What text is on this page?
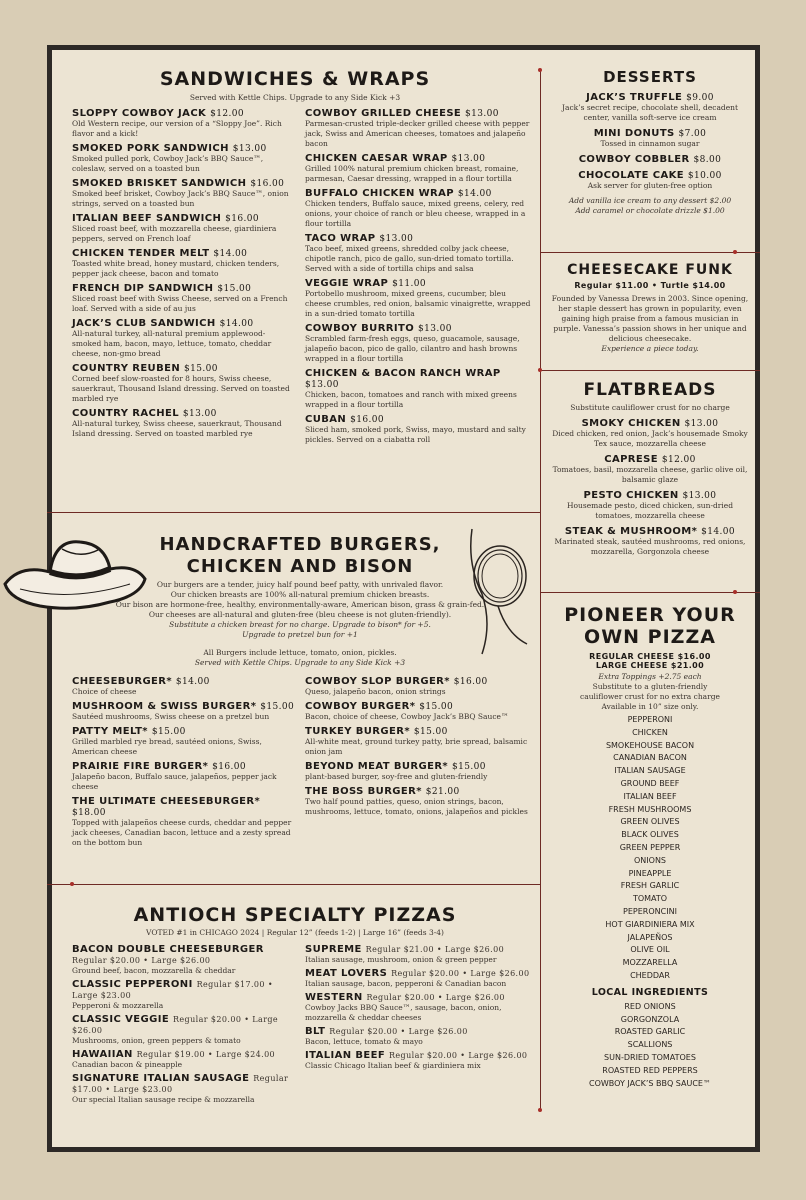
SANDWICHES & WRAPS
Served with Kettle Chips. Upgrade to any Side Kick +3
SLOPPY COWBOY JACK $12.00
Old Western recipe, our version of a “Sloppy Joe”. Rich flavor and a kick!
SMOKED PORK SANDWICH $13.00
Smoked pulled pork, Cowboy Jack’s BBQ Sauce™, coleslaw, served on a toasted bun
SMOKED BRISKET SANDWICH $16.00
Smoked beef brisket, Cowboy Jack’s BBQ Sauce™, onion strings, served on a toasted bun
ITALIAN BEEF SANDWICH $16.00
Sliced roast beef, with mozzarella cheese, giardiniera peppers, served on French loaf
CHICKEN TENDER MELT $14.00
Toasted white bread, honey mustard, chicken tenders, pepper jack cheese, bacon and tomato
FRENCH DIP SANDWICH $15.00
Sliced roast beef with Swiss Cheese, served on a French loaf. Served with a side of au jus
JACK’S CLUB SANDWICH $14.00
All-natural turkey, all-natural premium applewood-smoked ham, bacon, mayo, lettuce, tomato, cheddar cheese, non-gmo bread
COUNTRY REUBEN $15.00
Corned beef slow-roasted for 8 hours, Swiss cheese, sauerkraut, Thousand Island dressing. Served on toasted marbled rye
COUNTRY RACHEL $13.00
All-natural turkey, Swiss cheese, sauerkraut, Thousand Island dressing. Served on toasted marbled rye
COWBOY GRILLED CHEESE $13.00
Parmesan-crusted triple-decker grilled cheese with pepper jack, Swiss and American cheeses, tomatoes and jalapeño bacon
CHICKEN CAESAR WRAP $13.00
Grilled 100% natural premium chicken breast, romaine, parmesan, Caesar dressing, wrapped in a flour tortilla
BUFFALO CHICKEN WRAP $14.00
Chicken tenders, Buffalo sauce, mixed greens, celery, red onions, your choice of ranch or bleu cheese, wrapped in a flour tortilla
TACO WRAP $13.00
Taco beef, mixed greens, shredded colby jack cheese, chipotle ranch, pico de gallo, sun-dried tomato tortilla. Served with a side of tortilla chips and salsa
VEGGIE WRAP $11.00
Portobello mushroom, mixed greens, cucumber, bleu cheese crumbles, red onion, balsamic vinaigrette, wrapped in a sun-dried tomato tortilla
COWBOY BURRITO $13.00
Scrambled farm-fresh eggs, queso, guacamole, sausage, jalapeño bacon, pico de gallo, cilantro and hash browns wrapped in a flour tortilla
CHICKEN & BACON RANCH WRAP $13.00
Chicken, bacon, tomatoes and ranch with mixed greens wrapped in a flour tortilla
CUBAN $16.00
Sliced ham, smoked pork, Swiss, mayo, mustard and salty pickles. Served on a ciabatta roll
HANDCRAFTED BURGERS,
CHICKEN AND BISON
Our burgers are a tender, juicy half pound beef patty, with unrivaled flavor.
Our chicken breasts are 100% all-natural premium chicken breasts.
Our bison are hormone-free, healthy, environmentally-aware, American bison, grass & grain-fed.
Our cheeses are all-natural and gluten-free (bleu cheese is not gluten-friendly).
Substitute a chicken breast for no charge. Upgrade to bison* for +5.
Upgrade to pretzel bun for +1
All Burgers include lettuce, tomato, onion, pickles.
Served with Kettle Chips. Upgrade to any Side Kick +3
CHEESEBURGER* $14.00
Choice of cheese
MUSHROOM & SWISS BURGER* $15.00
Sautéed mushrooms, Swiss cheese on a pretzel bun
PATTY MELT* $15.00
Grilled marbled rye bread, sautéed onions, Swiss, American cheese
PRAIRIE FIRE BURGER* $16.00
Jalapeño bacon, Buffalo sauce, jalapeños, pepper jack cheese
THE ULTIMATE CHEESEBURGER* $18.00
Topped with jalapeños cheese curds, cheddar and pepper jack cheeses, Canadian bacon, lettuce and a zesty spread on the bottom bun
COWBOY SLOP BURGER* $16.00
Queso, jalapeño bacon, onion strings
COWBOY BURGER* $15.00
Bacon, choice of cheese, Cowboy Jack’s BBQ Sauce™
TURKEY BURGER* $15.00
All-white meat, ground turkey patty, brie spread, balsamic onion jam
BEYOND MEAT BURGER* $15.00
plant-based burger, soy-free and gluten-friendly
THE BOSS BURGER* $21.00
Two half pound patties, queso, onion strings, bacon, mushrooms, lettuce, tomato, onions, jalapeños and pickles
ANTIOCH SPECIALTY PIZZAS
VOTED #1 in CHICAGO 2024 | Regular 12” (feeds 1-2) | Large 16” (feeds 3-4)
BACON DOUBLE CHEESEBURGER Regular $20.00 • Large $26.00
Ground beef, bacon, mozzarella & cheddar
CLASSIC PEPPERONI Regular $17.00 • Large $23.00
Pepperoni & mozzarella
CLASSIC VEGGIE Regular $20.00 • Large $26.00
Mushrooms, onion, green peppers & tomato
HAWAIIAN Regular $19.00 • Large $24.00
Canadian bacon & pineapple
SIGNATURE ITALIAN SAUSAGE Regular $17.00 • Large $23.00
Our special Italian sausage recipe & mozzarella
SUPREME Regular $21.00 • Large $26.00
Italian sausage, mushroom, onion & green pepper
MEAT LOVERS Regular $20.00 • Large $26.00
Italian sausage, bacon, pepperoni & Canadian bacon
WESTERN Regular $20.00 • Large $26.00
Cowboy Jacks BBQ Sauce™, sausage, bacon, onion, mozzarella & cheddar cheeses
BLT Regular $20.00 • Large $26.00
Bacon, lettuce, tomato & mayo
ITALIAN BEEF Regular $20.00 • Large $26.00
Classic Chicago Italian beef & giardiniera mix
DESSERTS
JACK’S TRUFFLE $9.00
Jack’s secret recipe, chocolate shell, decadent center, vanilla soft-serve ice cream
MINI DONUTS $7.00
Tossed in cinnamon sugar
COWBOY COBBLER $8.00
CHOCOLATE CAKE $10.00
Ask server for gluten-free option
Add vanilla ice cream to any dessert $2.00
Add caramel or chocolate drizzle $1.00
CHEESECAKE FUNK
Regular $11.00 • Turtle $14.00
Founded by Vanessa Drews in 2003. Since opening, her staple dessert has grown in popularity, even gaining high praise from a famous musician in purple. Vanessa’s passion shows in her unique and delicious cheesecake.
Experience a piece today.
FLATBREADS
Substitute cauliflower crust for no charge
SMOKY CHICKEN $13.00
Diced chicken, red onion, Jack’s housemade Smoky Tex sauce, mozzarella cheese
CAPRESE $12.00
Tomatoes, basil, mozzarella cheese, garlic olive oil, balsamic glaze
PESTO CHICKEN $13.00
Housemade pesto, diced chicken, sun-dried tomatoes, mozzarella cheese
STEAK & MUSHROOM* $14.00
Marinated steak, sautéed mushrooms, red onions, mozzarella, Gorgonzola cheese
PIONEER YOUR
OWN PIZZA
REGULAR CHEESE $16.00
LARGE CHEESE $21.00
Extra Toppings +2.75 each
Substitute to a gluten-friendly
cauliflower crust for no extra charge
Available in 10” size only.
PEPPERONI
CHICKEN
SMOKEHOUSE BACON
CANADIAN BACON
ITALIAN SAUSAGE
GROUND BEEF
ITALIAN BEEF
FRESH MUSHROOMS
GREEN OLIVES
BLACK OLIVES
GREEN PEPPER
ONIONS
PINEAPPLE
FRESH GARLIC
TOMATO
PEPERONCINI
HOT GIARDINIERA MIX
JALAPEÑOS
OLIVE OIL
MOZZARELLA
CHEDDAR
LOCAL INGREDIENTS
RED ONIONS
GORGONZOLA
ROASTED GARLIC
SCALLIONS
SUN-DRIED TOMATOES
ROASTED RED PEPPERS
COWBOY JACK’S BBQ SAUCE™
